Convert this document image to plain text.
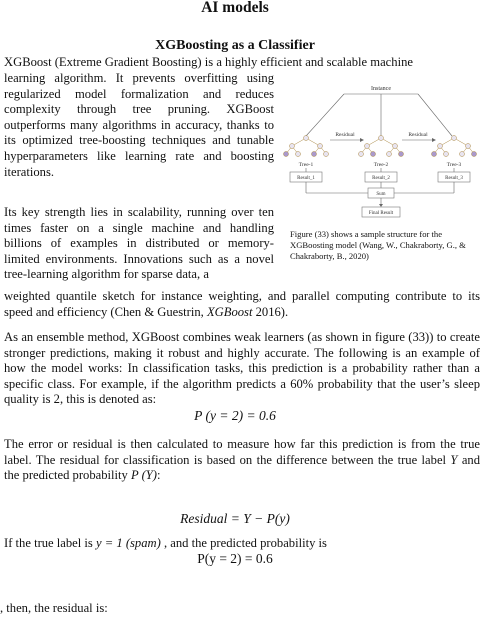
AI models
XGBoosting as a Classifier

XGBoost (Extreme Gradient Boosting) is a highly efficient and scalable machine

learning algorithm. It prevents overfitting using regularized model formalization and reduces complexity through tree pruning. XGBoost outperforms many algorithms in accuracy, thanks to its optimized tree-boosting techniques and tunable hyperparameters like learning rate and boosting iterations.

Instance
Residual	Residual
Tree-1	Tree-2	Tree-3
Result_1	Result_2	Result_3
Sum
Final Result
Figure (33) shows a sample structure for the XGBoosting model (Wang, W., Chakraborty, G., & Chakraborty, B., 2020)

Its key strength lies in scalability, running over ten times faster on a single machine and handling billions of examples in distributed or memory-limited environments. Innovations such as a novel tree-learning algorithm for sparse data, a

weighted quantile sketch for instance weighting, and parallel computing contribute to its speed and efficiency (Chen & Guestrin, XGBoost 2016).

As an ensemble method, XGBoost combines weak learners (as shown in figure (33)) to create stronger predictions, making it robust and highly accurate. The following is an example of how the model works: In classification tasks, this prediction is a probability rather than a specific class. For example, if the algorithm predicts a 60% probability that the user’s sleep quality is 2, this is denoted as:

P (y = 2) = 0.6

The error or residual is then calculated to measure how far this prediction is from the true label. The residual for classification is based on the difference between the true label Y and the predicted probability P (Y):

Residual = Y − P(y)

If the true label is y = 1 (spam) , and the predicted probability is

P(y = 2) = 0.6

, then, the residual is:
